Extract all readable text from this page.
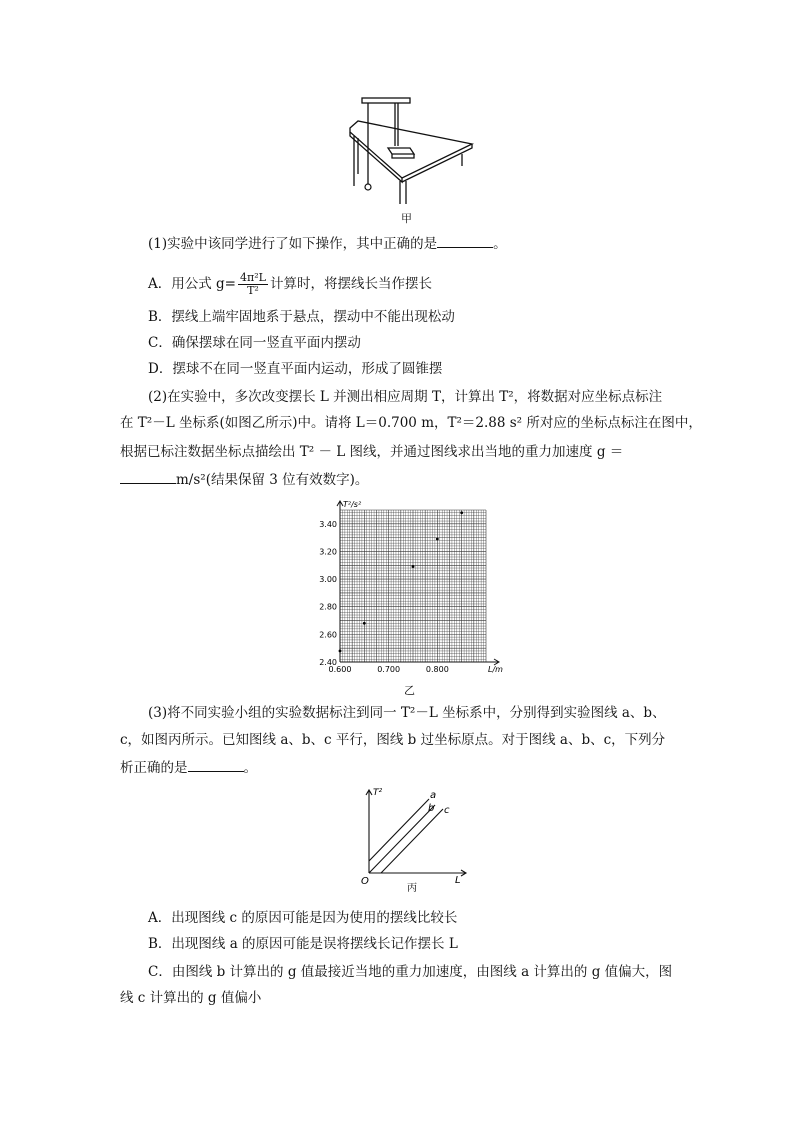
甲
(1)实验中该同学进行了如下操作，其中正确的是	。
A．用公式 $g= \frac{\text{4π²L}}{\text{T²}}$ 计算时，将摆线长当作摆长
B．摆线上端牢固地系于悬点，摆动中不能出现松动
C．确保摆球在同一竖直平面内摆动
D．摆球不在同一竖直平面内运动，形成了圆锥摆
(2)在实验中，多次改变摆长 L 并测出相应周期 T，计算出 T²，将数据对应坐标点标注
在 T²－L 坐标系(如图乙所示)中。请将 L＝0.700 m，T²＝2.88 s² 所对应的坐标点标注在图中，
根据已标注数据坐标点描绘出 T² － L 图线，并通过图线求出当地的重力加速度 g ＝
m/s²(结果保留 3 位有效数字)。
2.40
2.60
2.80
3.00
3.20
3.40
0.600	0.700	0.800
T²/s²
L/m
乙
(3)将不同实验小组的实验数据标注到同一 T²－L 坐标系中，分别得到实验图线 a、b、
c，如图丙所示。已知图线 a、b、c 平行，图线 b 过坐标原点。对于图线 a、b、c，下列分
析正确的是	。
T²
L
O
a
b c
丙
A．出现图线 c 的原因可能是因为使用的摆线比较长
B．出现图线 a 的原因可能是误将摆线长记作摆长 L
C．由图线 b 计算出的 g 值最接近当地的重力加速度，由图线 a 计算出的 g 值偏大，图
线 c 计算出的 g 值偏小
